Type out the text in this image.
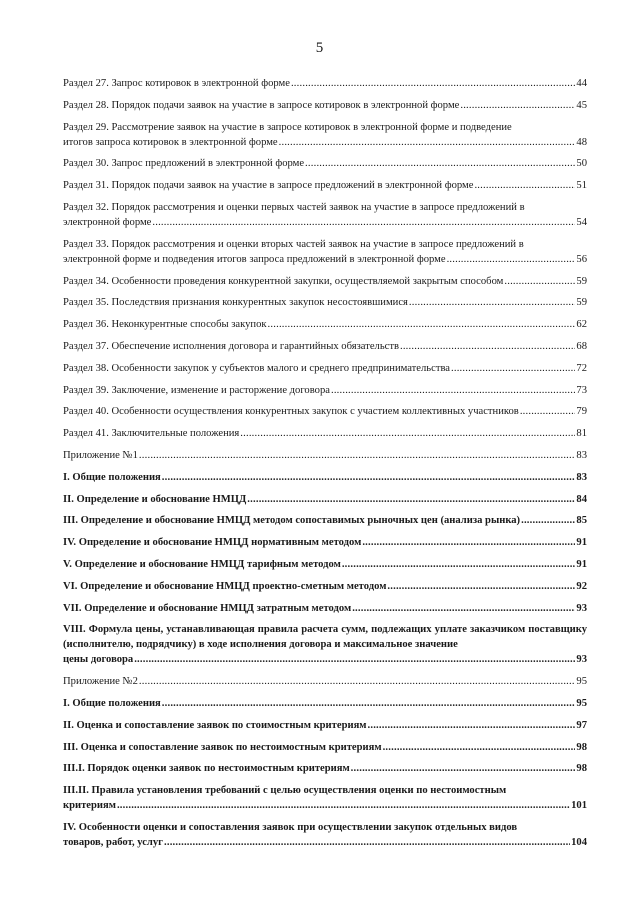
5
Раздел 27. Запрос котировок в электронной форме .....	44
Раздел 28. Порядок подачи заявок на участие в запросе котировок в электронной форме .....	45
Раздел 29. Рассмотрение заявок на участие в запросе котировок в электронной форме и подведение
итогов запроса котировок в электронной форме .....	48
Раздел 30. Запрос предложений в электронной форме .....	50
Раздел 31. Порядок подачи заявок на участие в запросе предложений в электронной форме .....	51
Раздел 32. Порядок рассмотрения и оценки первых частей заявок на участие в запросе предложений в
электронной форме .....	54
Раздел 33. Порядок рассмотрения и оценки вторых частей заявок на участие в запросе предложений в
электронной форме и подведения итогов запроса предложений в электронной форме .....	56
Раздел 34. Особенности проведения конкурентной закупки, осуществляемой закрытым способом .....	59
Раздел 35. Последствия признания конкурентных закупок несостоявшимися .....	59
Раздел 36. Неконкурентные способы закупок .....	62
Раздел 37. Обеспечение исполнения договора и гарантийных обязательств .....	68
Раздел 38. Особенности закупок у субъектов малого и среднего предпринимательства .....	72
Раздел 39. Заключение, изменение и расторжение договора .....	73
Раздел 40. Особенности осуществления конкурентных закупок с участием коллективных участников .....	79
Раздел 41. Заключительные положения .....	81
Приложение №1 .....	83
I. Общие положения .....	83
II. Определение и обоснование НМЦД .....	84
III. Определение и обоснование НМЦД методом сопоставимых рыночных цен (анализа рынка) .....	85
IV. Определение и обоснование НМЦД нормативным методом .....	91
V. Определение и обоснование НМЦД тарифным методом .....	91
VI. Определение и обоснование НМЦД проектно-сметным методом .....	92
VII. Определение и обоснование НМЦД затратным методом .....	93
VIII. Формула цены, устанавливающая правила расчета сумм, подлежащих уплате заказчиком поставщику (исполнителю, подрядчику) в ходе исполнения договора и максимальное значение
цены договора .....	93
Приложение №2 .....	95
I. Общие положения .....	95
II. Оценка и сопоставление заявок по стоимостным критериям .....	97
III. Оценка и сопоставление заявок по нестоимостным критериям .....	98
III.I. Порядок оценки заявок по нестоимостным критериям .....	98
III.II. Правила установления требований с целью осуществления оценки по нестоимостным
критериям .....	101
IV. Особенности оценки и сопоставления заявок при осуществлении закупок отдельных видов
товаров, работ, услуг .....	104
